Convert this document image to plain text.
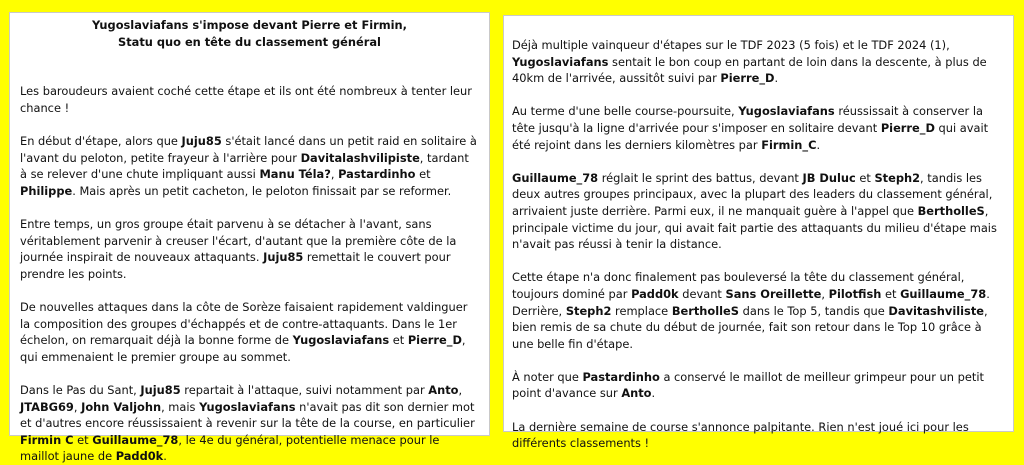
Yugoslaviafans s'impose devant Pierre et Firmin,

Statu quo en tête du classement général

Les baroudeurs avaient coché cette étape et ils ont été nombreux à tenter leur chance !

En début d'étape, alors que Juju85 s'était lancé dans un petit raid en solitaire à l'avant du peloton, petite frayeur à l'arrière pour Davitalashvilipiste, tardant à se relever d'une chute impliquant aussi Manu Téla?, Pastardinho et Philippe. Mais après un petit cacheton, le peloton finissait par se reformer.

Entre temps, un gros groupe était parvenu à se détacher à l'avant, sans véritablement parvenir à creuser l'écart, d'autant que la première côte de la journée inspirait de nouveaux attaquants. Juju85 remettait le couvert pour prendre les points.

De nouvelles attaques dans la côte de Sorèze faisaient rapidement valdinguer la composition des groupes d'échappés et de contre-attaquants. Dans le 1er échelon, on remarquait déjà la bonne forme de Yugoslaviafans et Pierre_D, qui emmenaient le premier groupe au sommet.

Dans le Pas du Sant, Juju85 repartait à l'attaque, suivi notamment par Anto, JTABG69, John Valjohn, mais Yugoslaviafans n'avait pas dit son dernier mot et d'autres encore réussissaient à revenir sur la tête de la course, en particulier Firmin C et Guillaume_78, le 4e du général, potentielle menace pour le maillot jaune de Padd0k.

Déjà multiple vainqueur d'étapes sur le TDF 2023 (5 fois) et le TDF 2024 (1), Yugoslaviafans sentait le bon coup en partant de loin dans la descente, à plus de 40km de l'arrivée, aussitôt suivi par Pierre_D.

Au terme d'une belle course-poursuite, Yugoslaviafans réussissait à conserver la tête jusqu'à la ligne d'arrivée pour s'imposer en solitaire devant Pierre_D qui avait été rejoint dans les derniers kilomètres par Firmin_C.

Guillaume_78 réglait le sprint des battus, devant JB Duluc et Steph2, tandis les deux autres groupes principaux, avec la plupart des leaders du classement général, arrivaient juste derrière. Parmi eux, il ne manquait guère à l'appel que BertholleS, principale victime du jour, qui avait fait partie des attaquants du milieu d'étape mais n'avait pas réussi à tenir la distance.

Cette étape n'a donc finalement pas bouleversé la tête du classement général, toujours dominé par Padd0k devant Sans Oreillette, Pilotfish et Guillaume_78. Derrière, Steph2 remplace BertholleS dans le Top 5, tandis que Davitashviliste, bien remis de sa chute du début de journée, fait son retour dans le Top 10 grâce à une belle fin d'étape.

À noter que Pastardinho a conservé le maillot de meilleur grimpeur pour un petit point d'avance sur Anto.

La dernière semaine de course s'annonce palpitante. Rien n'est joué ici pour les différents classements !
